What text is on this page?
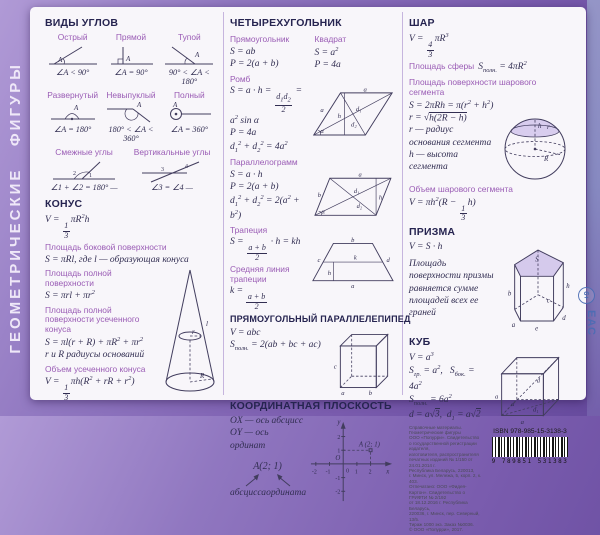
ГЕОМЕТРИЧЕСКИЕ   ФИГУРЫ
ВИДЫ УГЛОВ
Острый
A
∠A < 90°
Прямой
A
∠A = 90°
Тупой
A
90° < ∠A < 180°
Развернутый
A
∠A = 180°
Невыпуклый
A
180° < ∠A < 360°
Полный
A
∠A = 360°
Смежные углы
2 1
∠1 + ∠2 = 180° —
Вертикальные углы
3	4
∠3 = ∠4 —
КОНУС
V =
$\frac{1}{3}$
$\pi R^2h$
Площадь боковой поверхности
S = πRl, где l — образующая конуса
Площадь полной поверхности
$S = \pi rl + \pi r^2$
Площадь полной поверхности усеченного конуса
$S = \pi l(r + R) + \pi R^2 + \pi r^2$
r и R радиусы оснований
Объем усеченного конуса
V =
$\frac{1}{3}$
$\pi h(R^2$ + rR + $r^2$)
l
r
R
ЧЕТЫРЕХУГОЛЬНИК
Прямоугольник
S = ab
P = 2(a + b)
Квадрат
$S = a^2$
P = 4a
Ромб
S = a · h =
$\frac{d_1d_2}{2}$
= $a^2$ sin α
P = 4a
$d_1^2 + d_2^2 = 4a^2$
a
a	d₁
d₂
h
α
Параллелограмм
S = a · h
P = 2(a + b)
$d_1^2 + d_2^2 = 2(a^2 + b^2)$
a
b
d₁
d₂
h
α
Трапеция
S =
$\frac{a + b}{2}$
· h = kh
Средняя линия трапеции
k =
$\frac{a + b}{2}$
b
a
c	d
k
h
ПРЯМОУГОЛЬНЫЙ ПАРАЛЛЕЛЕПИПЕД
V = abc
$S_{полн.} = 2(ab$ + bc + ac)
c
a	b
КООРДИНАТНАЯ ПЛОСКОСТЬ
OX — ось абсцисс
OY — ось ординат
A(2; 1)
абсцисса ордината
-2 -1	1 2
2
1
-1
-2
y
x
O
0
A (2; 1)
ШАР
V =
$\frac{4}{3}$
$\pi R^3$
Площадь сферы $S_{полн.} = 4\pi R^2$
Площадь поверхности шарового сегмента
$S = 2\pi Rh = \pi(r^2 + h^2)$
r = √h(2R − h)
r — радиус основания сегмента
h — высота сегмента
h r
R
Объем шарового сегмента
$V = \pi h^2(R$ −
$\frac{1}{3}$
h)
ПРИЗМА
V = S · h
Площадь поверхности призмы равняется сумме площадей всех ее граней
S
h
b
a
c
d
e
КУБ
$V = a^3$
$S_{гр.} = a^2$,   $S_{бок.} = 4a^2$
$S_{полн.} = 6a^2$
d = a√3,  $d_1 = a√2$
a
a
a
d
d₁
Справочные материалы. Геометрические фигуры
ООО «Попурри». Свидетельство о государственной регистрации издателя,
изготовителя, распространителя печатных изданий № 1/150 от 24.01.2014 г.
Республика Беларусь, 220013,
г. Минск, ул. Мележа, 5, корп. 2, к. 403.
Отпечатано: ООО «Фидея-Картон». Свидетельство о ГРИФТИ № 2/192
от 18.12.2016 г. Республика Беларусь,
220036, г. Минск, пер. Северный, 13/5.
Тираж 1000 экз. Заказ №0036.
© ООО «Попурри», 2017.
ISBN 978-985-15-3138-3
9 789851 531383
6+
ЕАС
